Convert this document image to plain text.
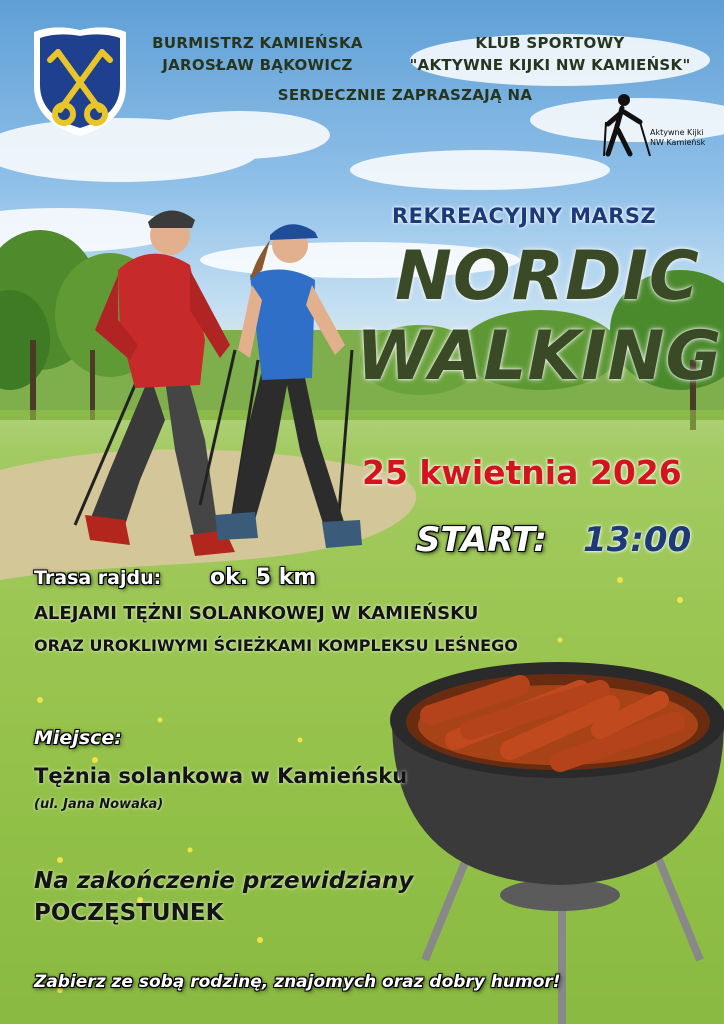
BURMISTRZ KAMIEŃSKA
JAROSŁAW BĄKOWICZ
KLUB SPORTOWY
"AKTYWNE KIJKI NW KAMIEŃSK"
SERDECZNIE ZAPRASZAJĄ NA
Aktywne Kijki
NW Kamieńsk
REKREACYJNY MARSZ
NORDIC
WALKING
25 kwietnia 2026
START: 13:00
Trasa rajdu: ok. 5 km
ALEJAMI TĘŻNI SOLANKOWEJ W KAMIEŃSKU
ORAZ UROKLIWYMI ŚCIEŻKAMI KOMPLEKSU LEŚNEGO
Miejsce:
Tężnia solankowa w Kamieńsku
(ul. Jana Nowaka)
Na zakończenie przewidziany
POCZĘSTUNEK
Zabierz ze sobą rodzinę, znajomych oraz dobry humor!
